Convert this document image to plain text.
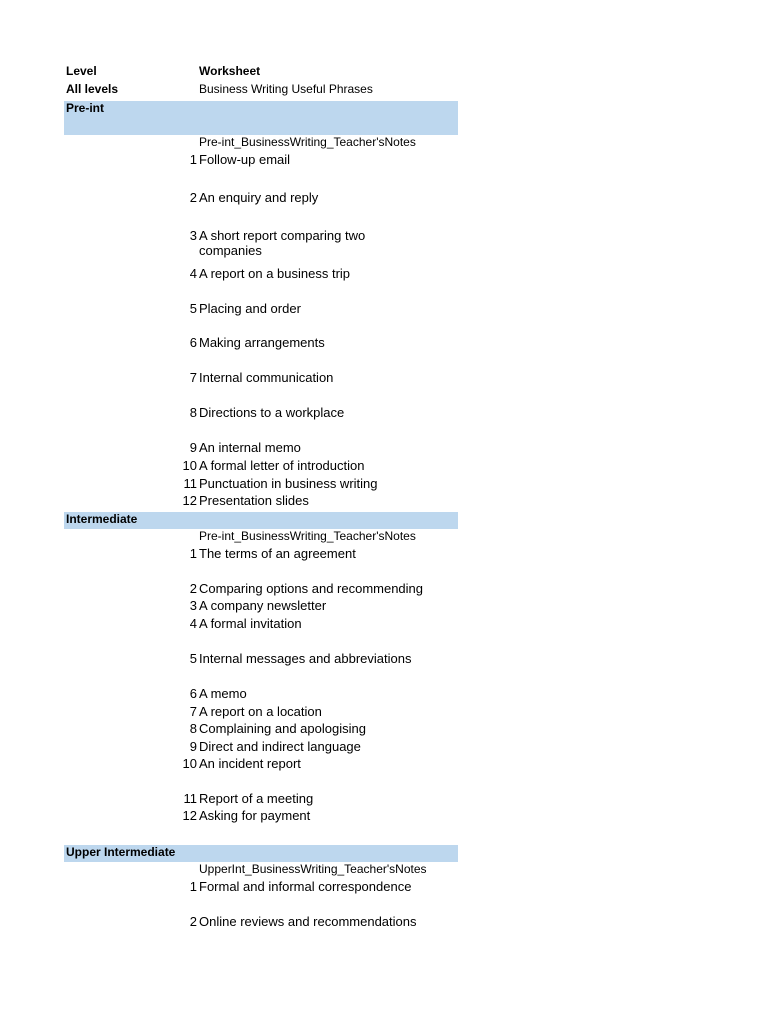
Level	Worksheet
All levels	Business Writing Useful Phrases
Pre-int
Pre-int_BusinessWriting_Teacher'sNotes
1 Follow-up email
2 An enquiry and reply
3 A short report comparing two companies
4 A report on a business trip
5 Placing and order
6 Making arrangements
7 Internal communication
8 Directions to a workplace
9 An internal memo
10 A formal letter of introduction
11 Punctuation in business writing
12 Presentation slides
Intermediate
Pre-int_BusinessWriting_Teacher'sNotes
1 The terms of an agreement
2 Comparing options and recommending
3 A company newsletter
4 A formal invitation
5 Internal messages and abbreviations
6 A memo
7 A report on a location
8 Complaining and apologising
9 Direct and indirect language
10 An incident report
11 Report of a meeting
12 Asking for payment
Upper Intermediate
UpperInt_BusinessWriting_Teacher'sNotes
1 Formal and informal correspondence
2 Online reviews and recommendations
